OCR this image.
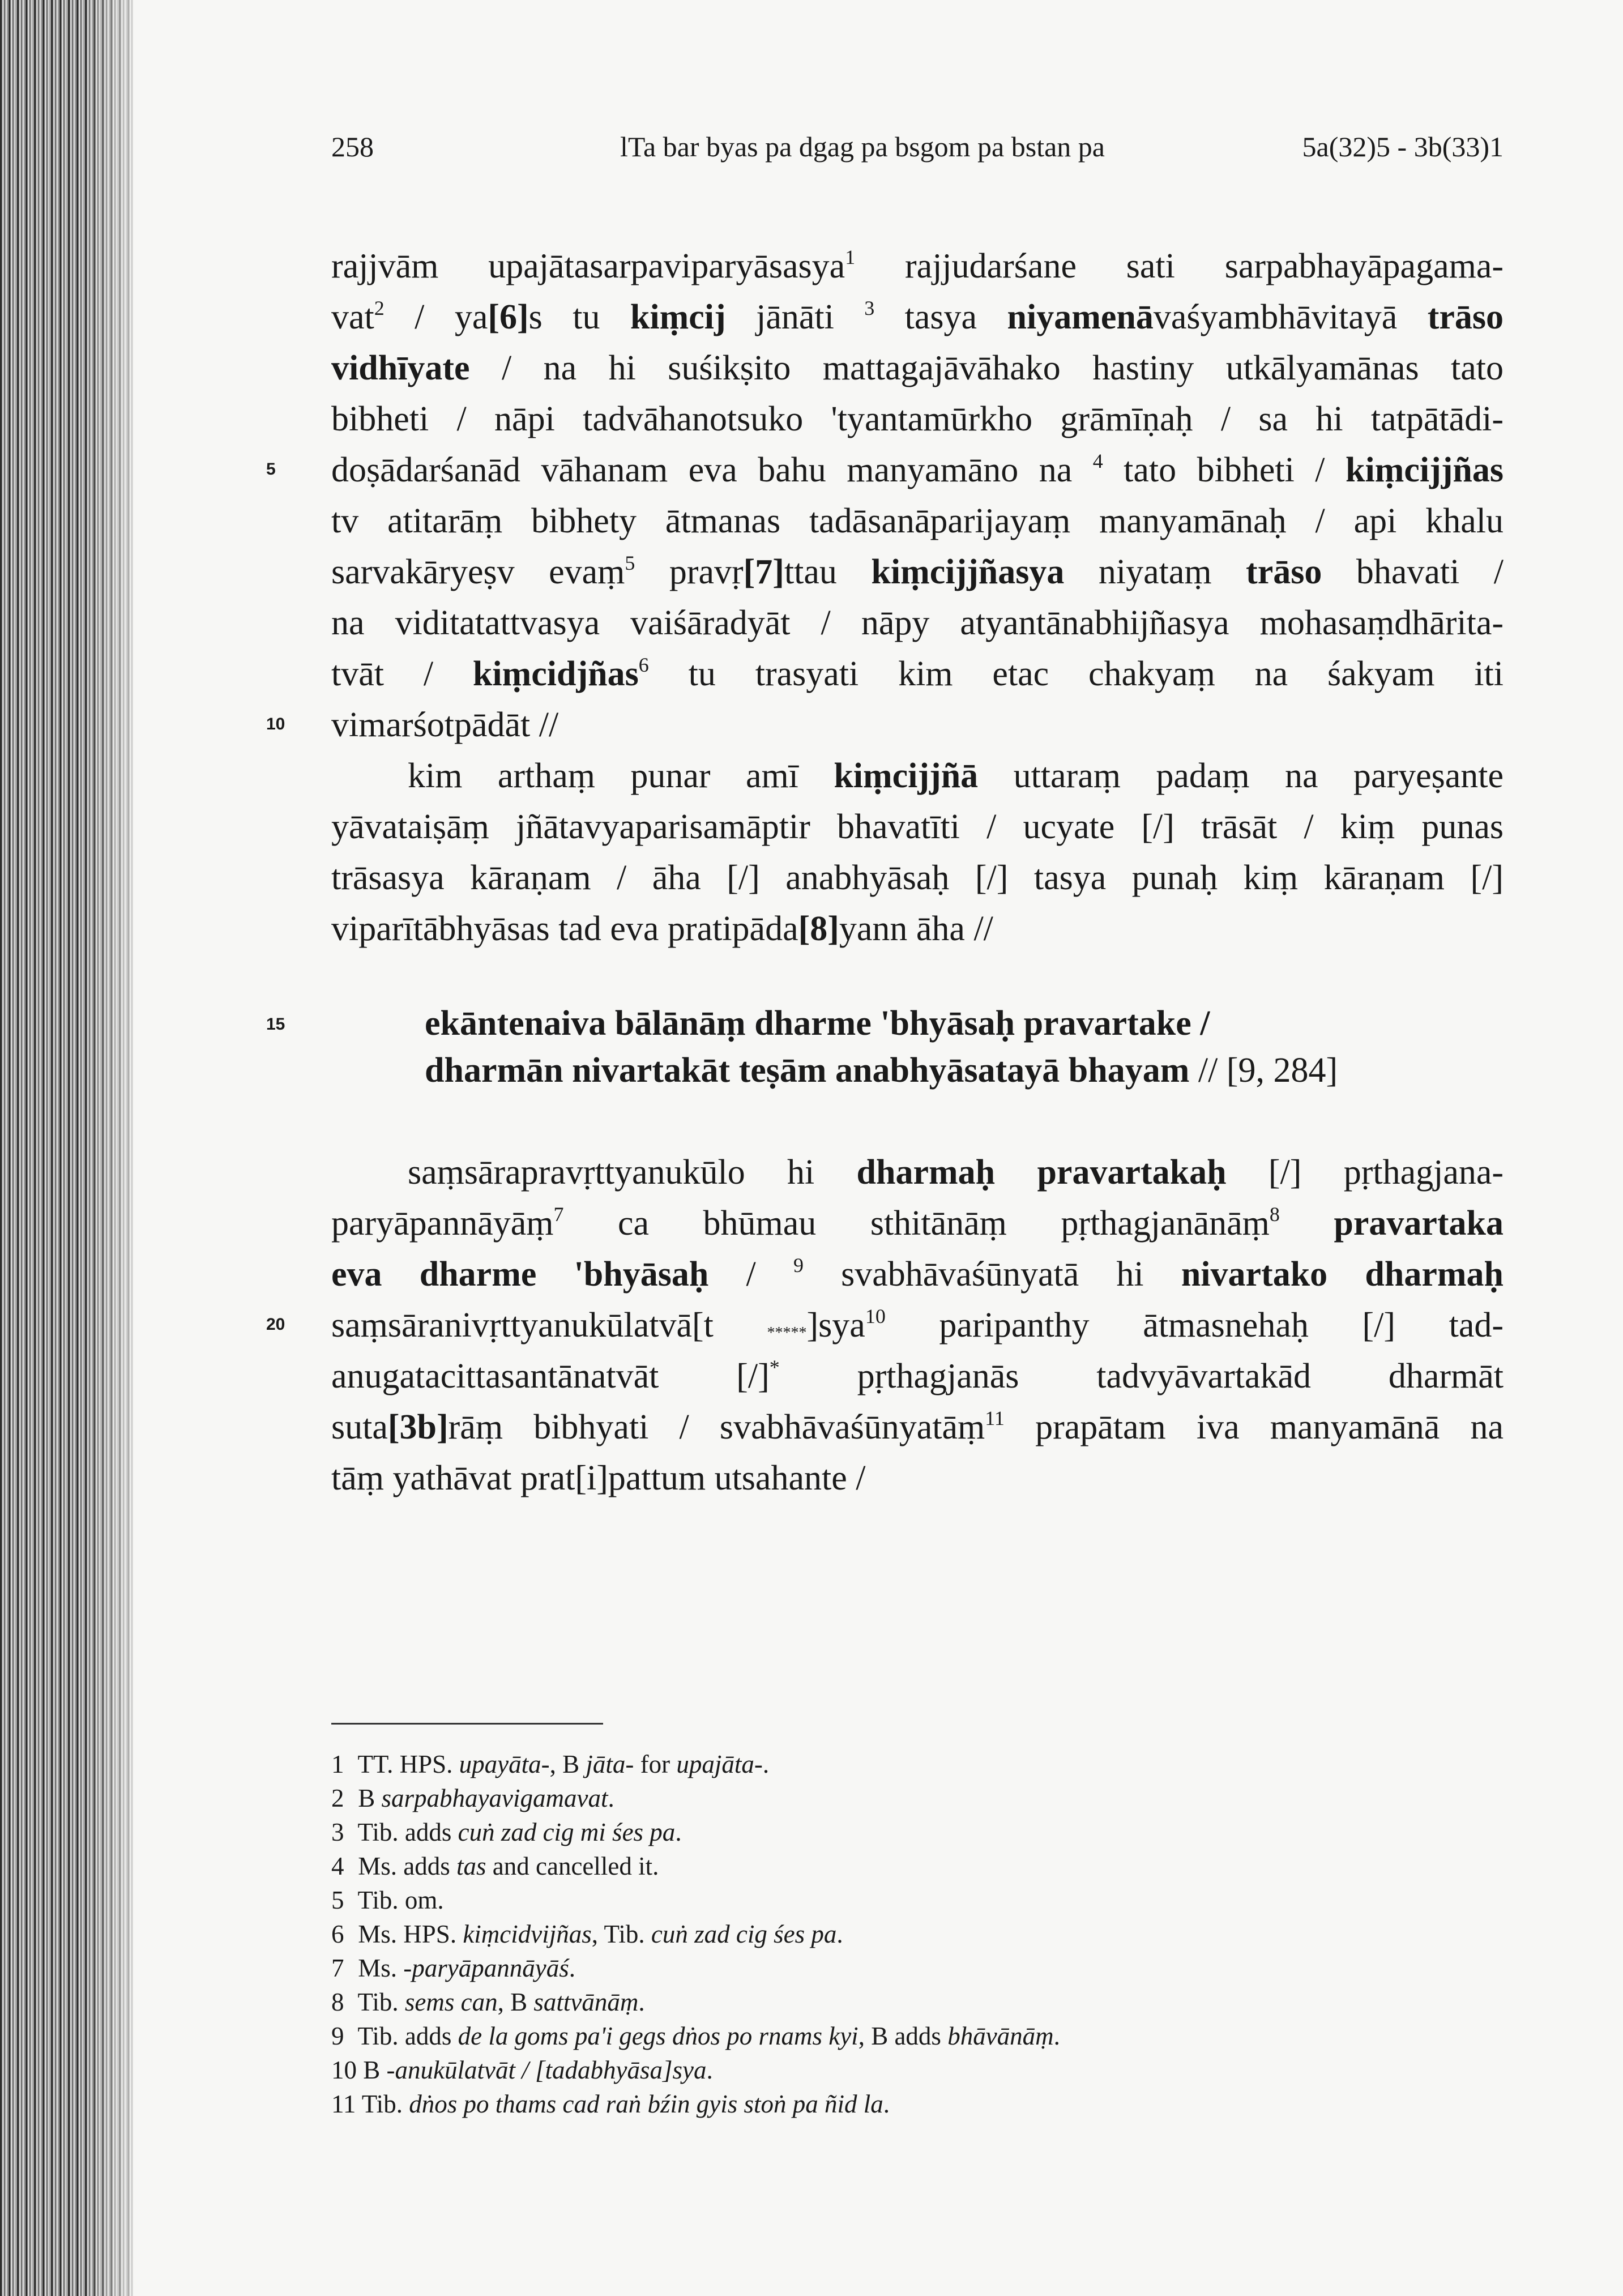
258	lTa bar byas pa dgag pa bsgom pa bstan pa	5a(32)5 - 3b(33)1
5
10
15
20
rajjvām upajātasarpaviparyāsasya$^1$ rajjudarśane sati sarpabhayāpagama-
vat$^2$ / ya[6]s tu kiṃcij jānāti $^3$ tasya niyamenāvaśyambhāvitayā trāso
vidhīyate / na hi suśikṣito mattagajāvāhako hastiny utkālyamānas tato
bibheti / nāpi tadvāhanotsuko 'tyantamūrkho grāmīṇaḥ / sa hi tatpātādi-
doṣādarśanād vāhanam eva bahu manyamāno na $^4$ tato bibheti / kiṃcijjñas
tv atitarāṃ bibhety ātmanas tadāsanāparijayaṃ manyamānaḥ / api khalu
sarvakāryeṣv evaṃ$^5$ pravṛ[7]ttau kiṃcijjñasya niyataṃ trāso bhavati /
na viditatattvasya vaiśāradyāt / nāpy atyantānabhijñasya mohasaṃdhārita-
tvāt / kiṃcidjñas$^6$ tu trasyati kim etac chakyaṃ na śakyam iti
vimarśotpādāt //
kim arthaṃ punar amī kiṃcijjñā uttaraṃ padaṃ na paryeṣante
yāvataiṣāṃ jñātavyaparisamāptir bhavatīti / ucyate [/] trāsāt / kiṃ punas
trāsasya kāraṇam / āha [/] anabhyāsaḥ [/] tasya punaḥ kiṃ kāraṇam [/]
viparītābhyāsas tad eva pratipāda[8]yann āha //
ekāntenaiva bālānāṃ dharme 'bhyāsaḥ pravartake /
dharmān nivartakāt teṣām anabhyāsatayā bhayam // [9, 284]
saṃsārapravṛttyanukūlo hi dharmaḥ pravartakaḥ [/] pṛthagjana-
paryāpannāyāṃ$^7$ ca bhūmau sthitānāṃ pṛthagjanānāṃ$^8$ pravartaka
eva dharme 'bhyāsaḥ / $^9$ svabhāvaśūnyatā hi nivartako dharmaḥ
saṃsāranivṛttyanukūlatvā[t *****]sya$^{10}$ paripanthy ātmasnehaḥ [/] tad-
anugatacittasantānatvāt [/]* pṛthagjanās tadvyāvartakād dharmāt
suta[3b]rāṃ bibhyati / svabhāvaśūnyatāṃ$^{11}$ prapātam iva manyamānā na
tāṃ yathāvat prat[i]pattum utsahante /
1 TT. HPS. upayāta-, B jāta- for upajāta-.
2 B sarpabhayavigamavat.
3 Tib. adds cuṅ zad cig mi śes pa.
4 Ms. adds tas and cancelled it.
5 Tib. om.
6 Ms. HPS. kiṃcidvijñas, Tib. cuṅ zad cig śes pa.
7 Ms. -paryāpannāyāś.
8 Tib. sems can, B sattvānāṃ.
9 Tib. adds de la goms pa'i gegs dṅos po rnams kyi, B adds bhāvānāṃ.
10 B -anukūlatvāt / [tadabhyāsa]sya.
11 Tib. dṅos po thams cad raṅ bźin gyis stoṅ pa ñid la.
